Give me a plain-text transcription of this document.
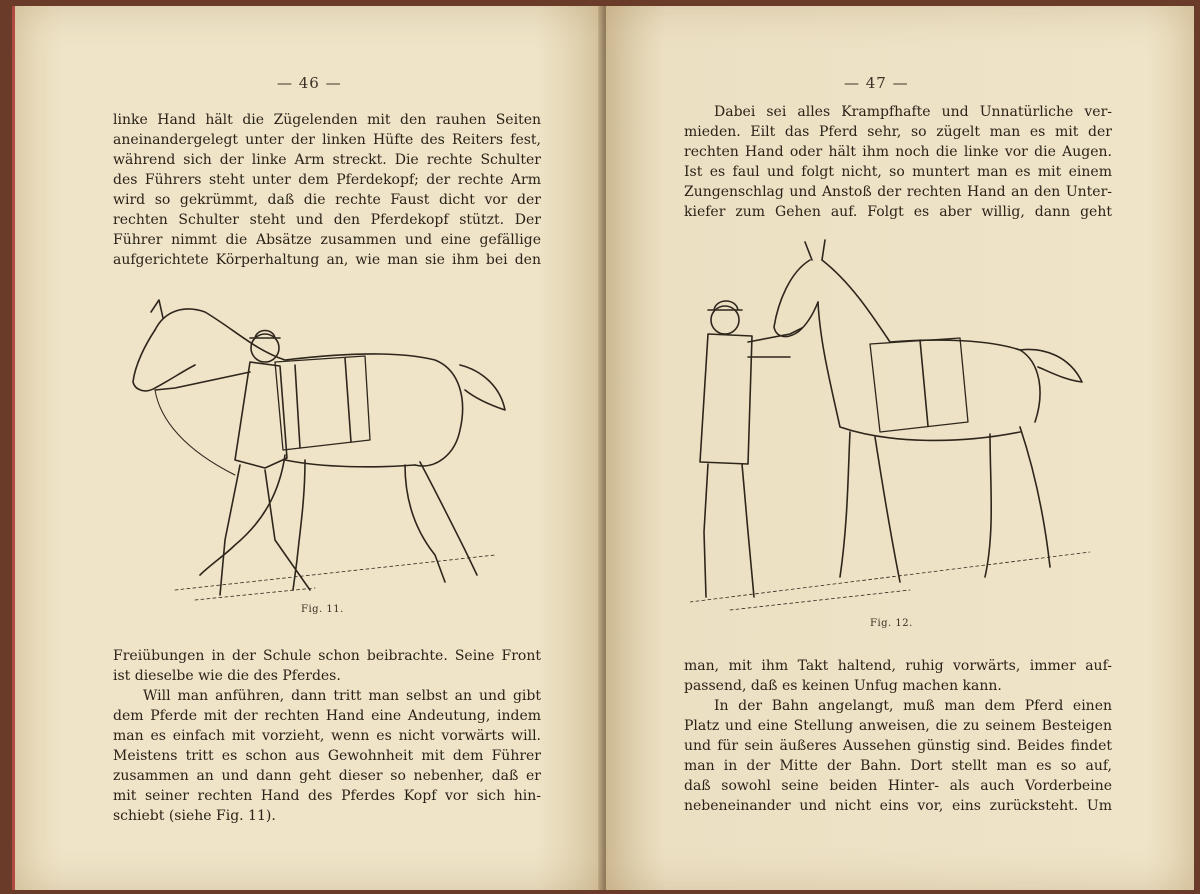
— 46 —
linke Hand hält die Zügelenden mit den rauhen Seiten
aneinandergelegt unter der linken Hüfte des Reiters fest,
während sich der linke Arm streckt. Die rechte Schulter
des Führers steht unter dem Pferdekopf; der rechte Arm
wird so gekrümmt, daß die rechte Faust dicht vor der
rechten Schulter steht und den Pferdekopf stützt. Der
Führer nimmt die Absätze zusammen und eine gefällige
aufgerichtete Körperhaltung an, wie man sie ihm bei den
Fig. 11.
Freiübungen in der Schule schon beibrachte. Seine Front
ist dieselbe wie die des Pferdes.
Will man anführen, dann tritt man selbst an und gibt
dem Pferde mit der rechten Hand eine Andeutung, indem
man es einfach mit vorzieht, wenn es nicht vorwärts will.
Meistens tritt es schon aus Gewohnheit mit dem Führer
zusammen an und dann geht dieser so nebenher, daß er
mit seiner rechten Hand des Pferdes Kopf vor sich hin-
schiebt (siehe Fig. 11).
— 47 —
Dabei sei alles Krampfhafte und Unnatürliche ver-
mieden. Eilt das Pferd sehr, so zügelt man es mit der
rechten Hand oder hält ihm noch die linke vor die Augen.
Ist es faul und folgt nicht, so muntert man es mit einem
Zungenschlag und Anstoß der rechten Hand an den Unter-
kiefer zum Gehen auf. Folgt es aber willig, dann geht
Fig. 12.
man, mit ihm Takt haltend, ruhig vorwärts, immer auf-
passend, daß es keinen Unfug machen kann.
In der Bahn angelangt, muß man dem Pferd einen
Platz und eine Stellung anweisen, die zu seinem Besteigen
und für sein äußeres Aussehen günstig sind. Beides findet
man in der Mitte der Bahn. Dort stellt man es so auf,
daß sowohl seine beiden Hinter- als auch Vorderbeine
nebeneinander und nicht eins vor, eins zurücksteht. Um
